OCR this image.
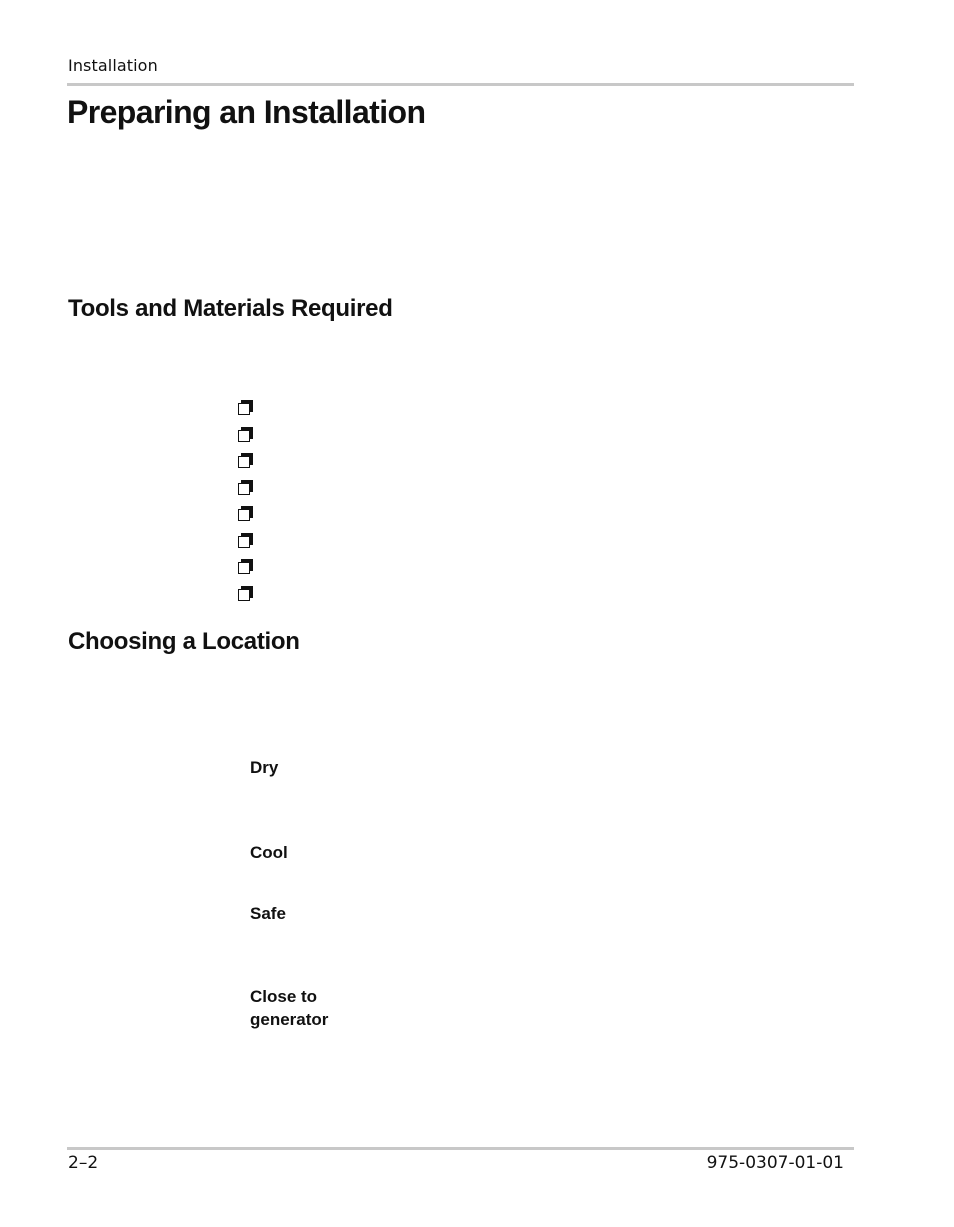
Installation
Preparing an Installation
Tools and Materials Required
Choosing a Location
Dry
Cool
Safe
Close to generator
2–2	975-0307-01-01
